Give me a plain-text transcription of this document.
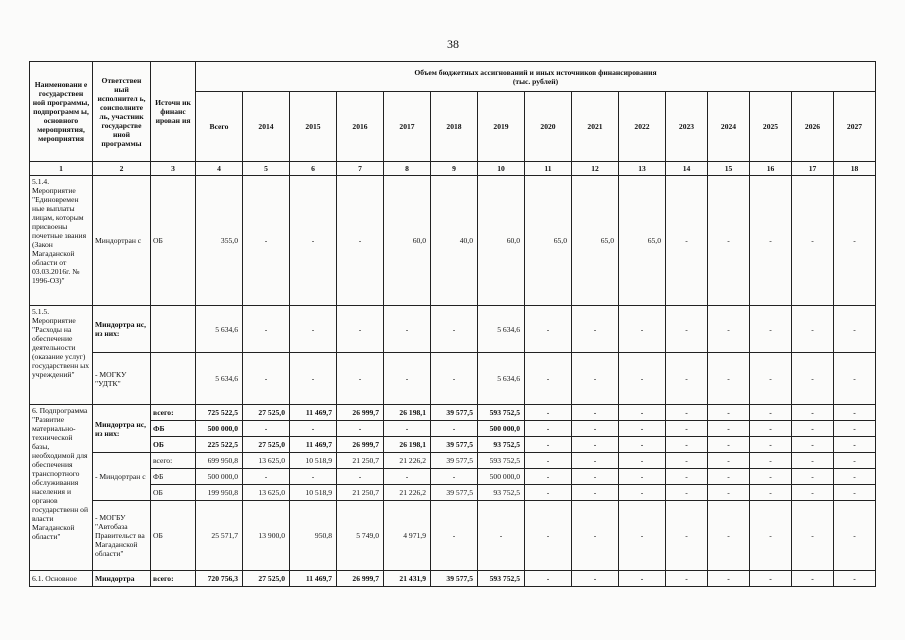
38
Наименовани е государствен ной программы, подпрограмм ы, основного мероприятия, мероприятия	Ответствен ный исполнител ь, соисполните ль, участник государстве нной программы	Источн ик финанс ирован ия	Объем бюджетных ассигнований и иных источников финансирования
(тыс. рублей)														

			Всего	2014	2015	2016	2017	2018	2019	2020	2021	2022	2023	2024	2025	2026	2027
1	2	3	4	5	6	7	8	9	10	11	12	13	14	15	16	17	18
5.1.4. Мероприятие "Единовремен ные выплаты лицам, которым присвоены почетные звания (Закон Магаданской области от 03.03.2016г. № 1996-ОЗ)"	Миндортран с	ОБ	355,0	-	-	-	60,0	40,0	60,0	65,0	65,0	65,0	-	-	-	-	-
5.1.5. Мероприятие "Расходы на обеспечение деятельности (оказание услуг) государственн ых учреждений"	Миндортра нс, из них:		5 634,6	-	-	-	-	-	5 634,6	-	-	-	-	-	-	-	-
	- МОГКУ "УДТК"		5 634,6	-	-	-	-	-	5 634,6	-	-	-	-	-	-	-	-
6. Подпрограмма "Развитие материально- технической базы, необходимой для обеспечения транспортного обслуживания населения и органов государственн ой власти Магаданской области"	Миндортра нс, из них:	всего:	725 522,5	27 525,0	11 469,7	26 999,7	26 198,1	39 577,5	593 752,5	-	-	-	-	-	-	-	-
		ФБ	500 000,0	-	-	-	-	-	500 000,0	-	-	-	-	-	-	-	-
		ОБ	225 522,5	27 525,0	11 469,7	26 999,7	26 198,1	39 577,5	93 752,5	-	-	-	-	-	-	-	-
	- Миндортран с	всего:	699 950,8	13 625,0	10 518,9	21 250,7	21 226,2	39 577,5	593 752,5	-	-	-	-	-	-	-	-
		ФБ	500 000,0	-	-	-	-	-	500 000,0	-	-	-	-	-	-	-	-
		ОБ	199 950,8	13 625,0	10 518,9	21 250,7	21 226,2	39 577,5	93 752,5	-	-	-	-	-	-	-	-
	- МОГБУ "Автобаза Правительст ва Магаданской области"	ОБ	25 571,7	13 900,0	950,8	5 749,0	4 971,9	-	-	-	-	-	-	-	-	-	-
6.1. Основное	Миндортра	всего:	720 756,3	27 525,0	11 469,7	26 999,7	21 431,9	39 577,5	593 752,5	-	-	-	-	-	-	-	-
